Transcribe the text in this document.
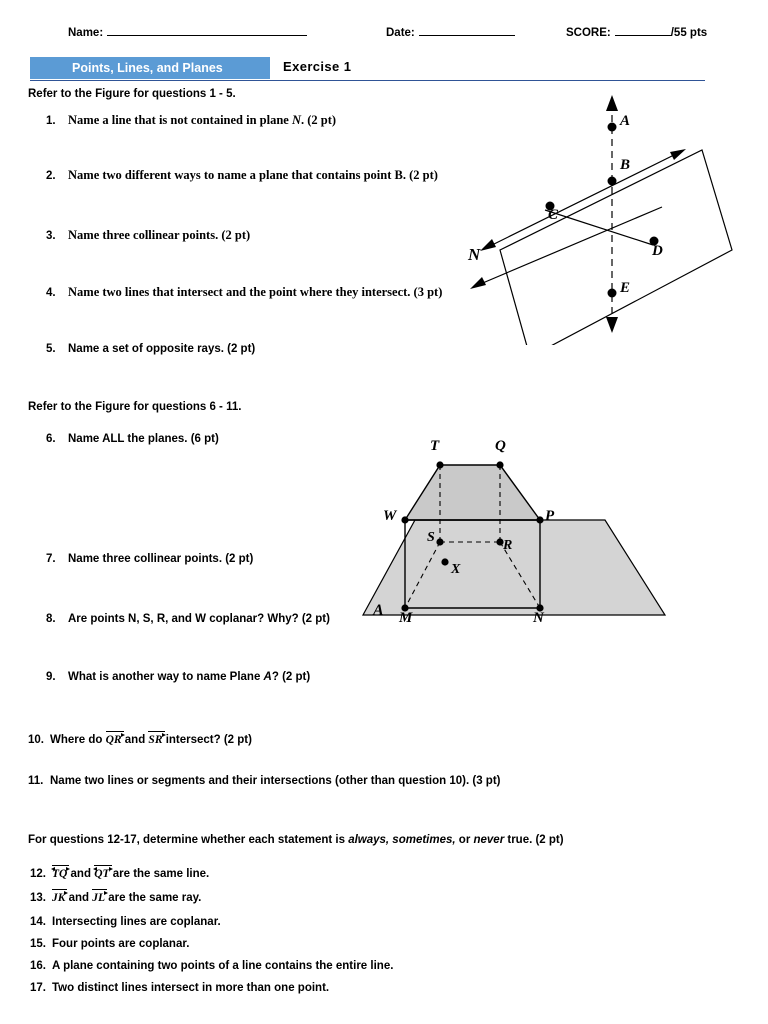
Name:	Date:	SCORE:	/55 pts
Points, Lines, and Planes	Exercise 1
Refer to the Figure for questions 1 - 5.
1. Name a line that is not contained in plane N. (2 pt)
2. Name two different ways to name a plane that contains point B. (2 pt)
3. Name three collinear points. (2 pt)
4. Name two lines that intersect and the point where they intersect. (3 pt)
5. Name a set of opposite rays. (2 pt)
A
B
C
D
E
N
Refer to the Figure for questions 6 - 11.
6. Name ALL the planes. (6 pt)
7. Name three collinear points. (2 pt)
8. Are points N, S, R, and W coplanar? Why? (2 pt)
9. What is another way to name Plane A? (2 pt)
10. Where do
QR and
SR intersect? (2 pt)
11. Name two lines or segments and their intersections (other than question 10). (3 pt)
T	Q
W	P
S
R
X
M	N
A
For questions 12-17, determine whether each statement is always, sometimes, or never true. (2 pt)
12. TQ and
QT are the same line.
13. JK and
JL are the same ray.
14. Intersecting lines are coplanar.
15. Four points are coplanar.
16. A plane containing two points of a line contains the entire line.
17. Two distinct lines intersect in more than one point.
